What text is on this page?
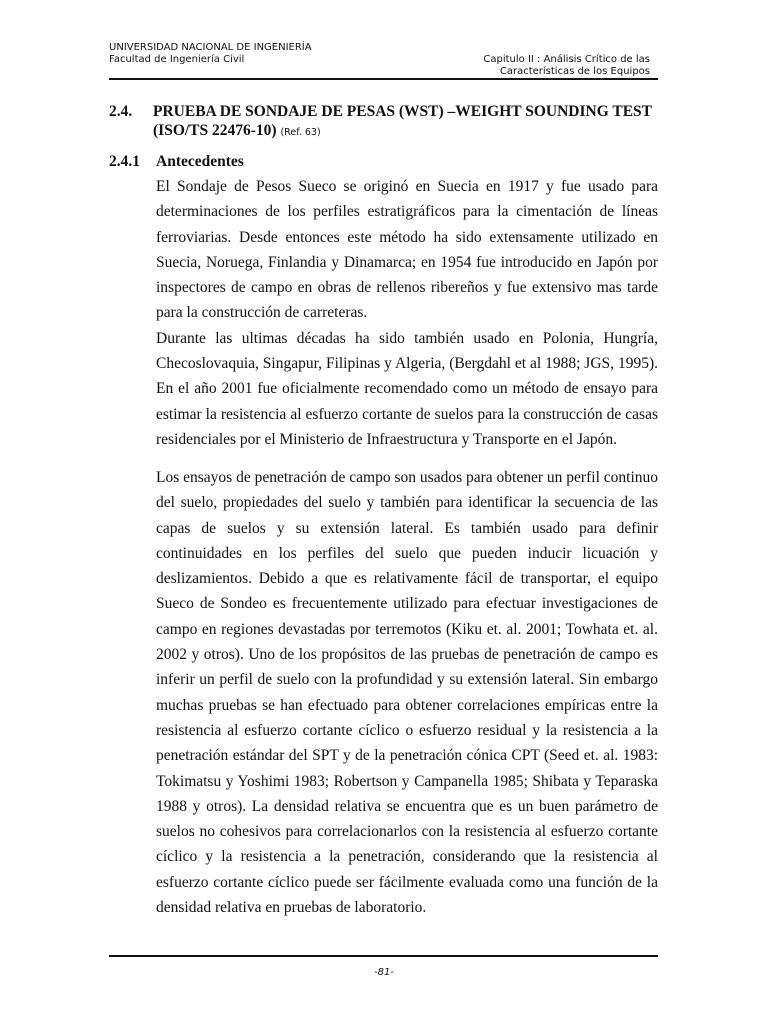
UNIVERSIDAD NACIONAL DE INGENIERÍA
Facultad de Ingeniería Civil	Capitulo II : Análisis Crítico de las
Características de los Equipos
2.4. PRUEBA DE SONDAJE DE PESAS (WST) –WEIGHT SOUNDING TEST
(ISO/TS 22476-10) (Ref. 63)
2.4.1 Antecedentes
El Sondaje de Pesos Sueco se originó en Suecia en 1917 y fue usado para
determinaciones de los perfiles estratigráficos para la cimentación de líneas
ferroviarias. Desde entonces este método ha sido extensamente utilizado en
Suecia, Noruega, Finlandia y Dinamarca; en 1954 fue introducido en Japón por
inspectores de campo en obras de rellenos ribereños y fue extensivo mas tarde
para la construcción de carreteras.
Durante las ultimas décadas ha sido también usado en Polonia, Hungría,
Checoslovaquia, Singapur, Filipinas y Algeria, (Bergdahl et al 1988; JGS, 1995).
En el año 2001 fue oficialmente recomendado como un método de ensayo para
estimar la resistencia al esfuerzo cortante de suelos para la construcción de casas
residenciales por el Ministerio de Infraestructura y Transporte en el Japón.
Los ensayos de penetración de campo son usados para obtener un perfil continuo
del suelo, propiedades del suelo y también para identificar la secuencia de las
capas de suelos y su extensión lateral. Es también usado para definir
continuidades en los perfiles del suelo que pueden inducir licuación y
deslizamientos. Debido a que es relativamente fácil de transportar, el equipo
Sueco de Sondeo es frecuentemente utilizado para efectuar investigaciones de
campo en regiones devastadas por terremotos (Kiku et. al. 2001; Towhata et. al.
2002 y otros). Uno de los propósitos de las pruebas de penetración de campo es
inferir un perfil de suelo con la profundidad y su extensión lateral. Sin embargo
muchas pruebas se han efectuado para obtener correlaciones empíricas entre la
resistencia al esfuerzo cortante cíclico o esfuerzo residual y la resistencia a la
penetración estándar del SPT y de la penetración cónica CPT (Seed et. al. 1983:
Tokimatsu y Yoshimi 1983; Robertson y Campanella 1985; Shibata y Teparaska
1988 y otros). La densidad relativa se encuentra que es un buen parámetro de
suelos no cohesivos para correlacionarlos con la resistencia al esfuerzo cortante
cíclico y la resistencia a la penetración, considerando que la resistencia al
esfuerzo cortante cíclico puede ser fácilmente evaluada como una función de la
densidad relativa en pruebas de laboratorio.
-81-
